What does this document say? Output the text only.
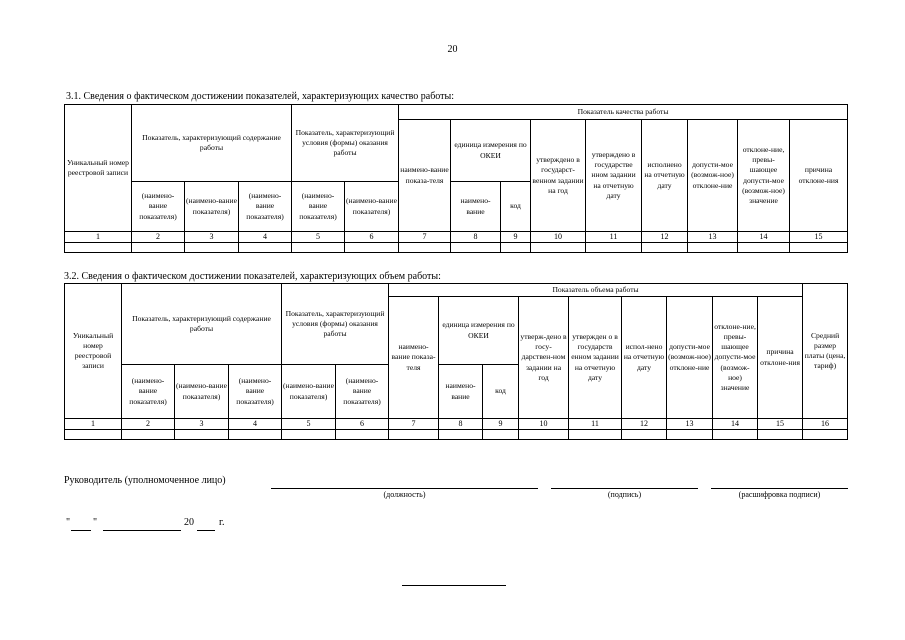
20
3.1. Сведения о фактическом достижении показателей, характеризующих качество работы:
Уникальный номер реестровой записи	Показатель, характеризующий содержание работы			Показатель, характеризующий условия (формы) оказания работы		Показатель качества работы								
						наимено-вание показа-теля	единица измерения по ОКЕИ		утверждено в государст-венном задании на год	утверждено в государстве нном задании на отчетную дату	исполнено на отчетную дату	допусти-мое (возмож-ное) отклоне-ние	отклоне-ние, превы-шающее допусти-мое (возмож-ное) значение	причина отклоне-ния
	(наимено-вание показателя)	(наимено-вание показателя)	(наимено-вание показателя)	(наимено-вание показателя)	(наимено-вание показателя)		наимено-вание	код						
1	2	3	4	5	6	7	8	9	10	11	12	13	14	15

3.2. Сведения о фактическом достижении показателей, характеризующих объем работы:
Уникальный номер реестровой записи	Показатель, характеризующий содержание работы			Показатель, характеризующий условия (формы) оказания работы		Показатель объема работы									Средний размер платы (цена, тариф)
						наимено-вание показа-теля	единица измерения по ОКЕИ		утверж-дено в госу-дарствен-ном задании на год	утвержден о в государств енном задании на отчетную дату	испол-нено на отчетную дату	допусти-мое (возмож-ное) отклоне-ние	отклоне-ние, превы-шающее допусти-мое (возмож-ное) значение	причина отклоне-ния	
	(наимено-вание показателя)	(наимено-вание показателя)	(наимено-вание показателя)	(наимено-вание показателя)	(наимено-вание показателя)		наимено-вание	код							
1	2	3	4	5	6	7	8	9	10	11	12	13	14	15	16

Руководитель (уполномоченное лицо)
(должность)	(подпись)	(расшифровка подписи)
" "	20	г.
